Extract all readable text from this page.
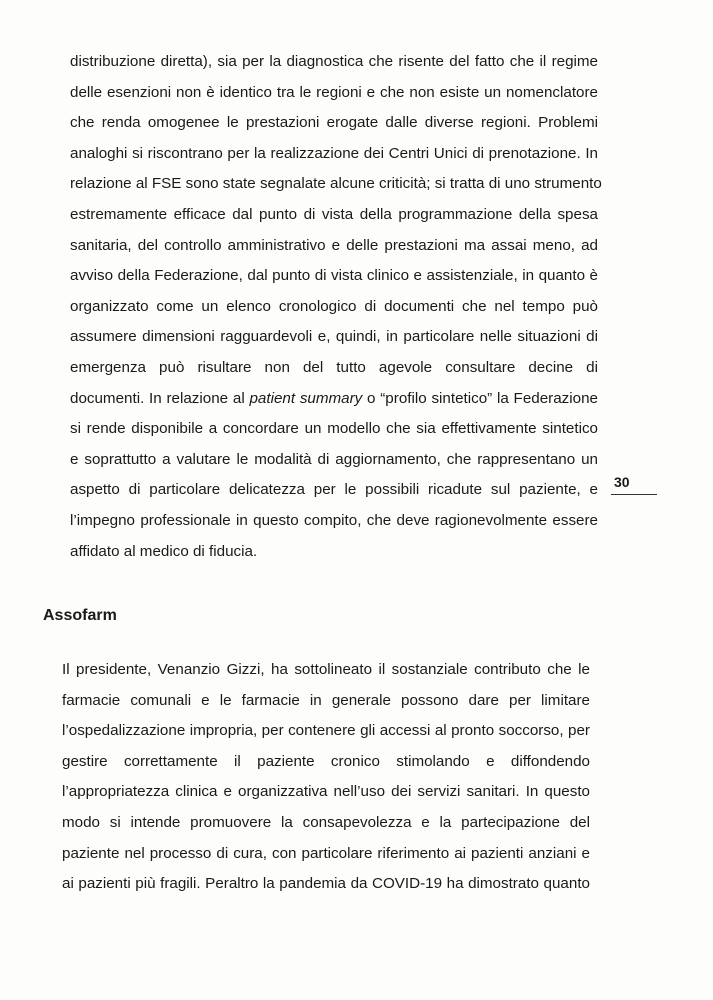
distribuzione diretta), sia per la diagnostica che risente del fatto che il regime
delle esenzioni non è identico tra le regioni e che non esiste un nomenclatore
che renda omogenee le prestazioni erogate dalle diverse regioni. Problemi
analoghi si riscontrano per la realizzazione dei Centri Unici di prenotazione. In
relazione al FSE sono state segnalate alcune criticità; si tratta di uno strumento
estremamente efficace dal punto di vista della programmazione della spesa
sanitaria, del controllo amministrativo e delle prestazioni ma assai meno, ad
avviso della Federazione, dal punto di vista clinico e assistenziale, in quanto è
organizzato come un elenco cronologico di documenti che nel tempo può
assumere dimensioni ragguardevoli e, quindi, in particolare nelle situazioni di
emergenza può risultare non del tutto agevole consultare decine di
documenti. In relazione al patient summary o “profilo sintetico” la Federazione
si rende disponibile a concordare un modello che sia effettivamente sintetico
e soprattutto a valutare le modalità di aggiornamento, che rappresentano un
aspetto di particolare delicatezza per le possibili ricadute sul paziente, e
l’impegno professionale in questo compito, che deve ragionevolmente essere
affidato al medico di fiducia.
30
Assofarm
Il presidente, Venanzio Gizzi, ha sottolineato il sostanziale contributo che le
farmacie comunali e le farmacie in generale possono dare per limitare
l’ospedalizzazione impropria, per contenere gli accessi al pronto soccorso, per
gestire correttamente il paziente cronico stimolando e diffondendo
l’appropriatezza clinica e organizzativa nell’uso dei servizi sanitari. In questo
modo si intende promuovere la consapevolezza e la partecipazione del
paziente nel processo di cura, con particolare riferimento ai pazienti anziani e
ai pazienti più fragili. Peraltro la pandemia da COVID-19 ha dimostrato quanto
